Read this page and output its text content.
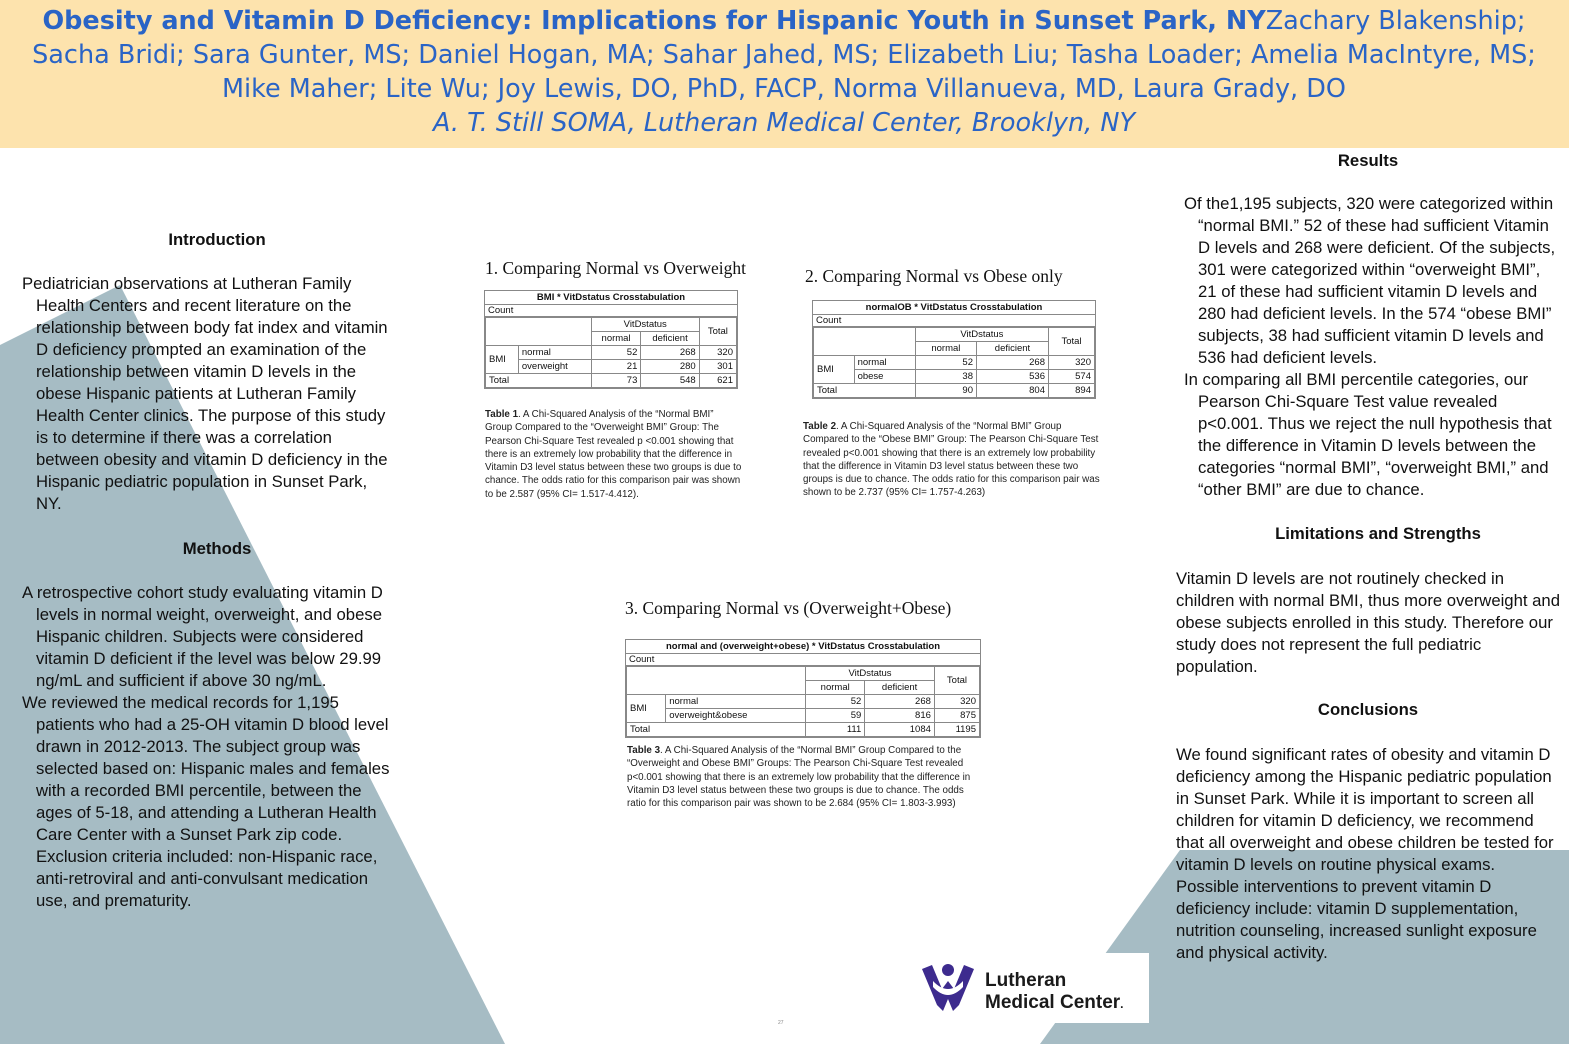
Obesity and Vitamin D Deficiency: Implications for Hispanic Youth in Sunset Park, NYZachary Blakenship; Sacha Bridi; Sara Gunter, MS; Daniel Hogan, MA; Sahar Jahed, MS; Elizabeth Liu; Tasha Loader; Amelia MacIntyre, MS; Mike Maher; Lite Wu; Joy Lewis, DO, PhD, FACP, Norma Villanueva, MD, Laura Grady, DO
A. T. Still SOMA, Lutheran Medical Center, Brooklyn, NY
Introduction

Pediatrician observations at Lutheran Family Health Centers and recent literature on the relationship between body fat index and vitamin D deficiency prompted an examination of the relationship between vitamin D levels in the obese Hispanic patients at Lutheran Family Health Center clinics. The purpose of this study is to determine if there was a correlation between obesity and vitamin D deficiency in the Hispanic pediatric population in Sunset Park, NY.

Methods

A retrospective cohort study evaluating vitamin D levels in normal weight, overweight, and obese Hispanic children. Subjects were considered vitamin D deficient if the level was below 29.99 ng/mL and sufficient if above 30 ng/mL.

We reviewed the medical records for 1,195 patients who had a 25-OH vitamin D blood level drawn in 2012-2013. The subject group was selected based on: Hispanic males and females with a recorded BMI percentile, between the ages of 5-18, and attending a Lutheran Health Care Center with a Sunset Park zip code. Exclusion criteria included: non-Hispanic race, anti-retroviral and anti-convulsant medication use, and prematurity.

1. Comparing Normal vs Overweight
BMI * VitDstatus Crosstabulation
Count
		VitDstatus		Total
		normal	deficient	
BMI	normal	52	268	320
	overweight	21	280	301
Total		73	548	621
Table 1. A Chi-Squared Analysis of the “Normal BMI” Group Compared to the “Overweight BMI” Group: The Pearson Chi-Square Test revealed p <0.001 showing that there is an extremely low probability that the difference in Vitamin D3 level status between these two groups is due to chance. The odds ratio for this comparison pair was shown to be 2.587 (95% CI= 1.517-4.412).
2. Comparing Normal vs Obese only
normalOB * VitDstatus Crosstabulation
Count
		VitDstatus		Total
		normal	deficient	
BMI	normal	52	268	320
	obese	38	536	574
Total		90	804	894
Table 2. A Chi-Squared Analysis of the “Normal BMI” Group Compared to the “Obese BMI” Group: The Pearson Chi-Square Test revealed p<0.001 showing that there is an extremely low probability that the difference in Vitamin D3 level status between these two groups is due to chance. The odds ratio for this comparison pair was shown to be 2.737 (95% CI= 1.757-4.263)
3. Comparing Normal vs (Overweight+Obese)
normal and (overweight+obese) * VitDstatus Crosstabulation
Count
		VitDstatus		Total
		normal	deficient	
BMI	normal	52	268	320
	overweight&obese	59	816	875
Total		111	1084	1195
Table 3. A Chi-Squared Analysis of the “Normal BMI” Group Compared to the “Overweight and Obese BMI” Groups: The Pearson Chi-Square Test revealed p<0.001 showing that there is an extremely low probability that the difference in Vitamin D3 level status between these two groups is due to chance. The odds ratio for this comparison pair was shown to be 2.684 (95% CI= 1.803-3.993)
Results

Of the1,195 subjects, 320 were categorized within “normal BMI.” 52 of these had sufficient Vitamin D levels and 268 were deficient. Of the subjects, 301 were categorized within “overweight BMI”, 21 of these had sufficient vitamin D levels and 280 had deficient levels. In the 574 “obese BMI” subjects, 38 had sufficient vitamin D levels and 536 had deficient levels.

In comparing all BMI percentile categories, our Pearson Chi-Square Test value revealed p<0.001. Thus we reject the null hypothesis that the difference in Vitamin D levels between the categories “normal BMI”, “overweight BMI,” and “other BMI” are due to chance.

Limitations and Strengths

Vitamin D levels are not routinely checked in children with normal BMI, thus more overweight and obese subjects enrolled in this study. Therefore our study does not represent the full pediatric population.

Conclusions

We found significant rates of obesity and vitamin D deficiency among the Hispanic pediatric population in Sunset Park. While it is important to screen all children for vitamin D deficiency, we recommend that all overweight and obese children be tested for vitamin D levels on routine physical exams. Possible interventions to prevent vitamin D deficiency include: vitamin D supplementation, nutrition counseling, increased sunlight exposure and physical activity.

Lutheran
Medical Center.
27
